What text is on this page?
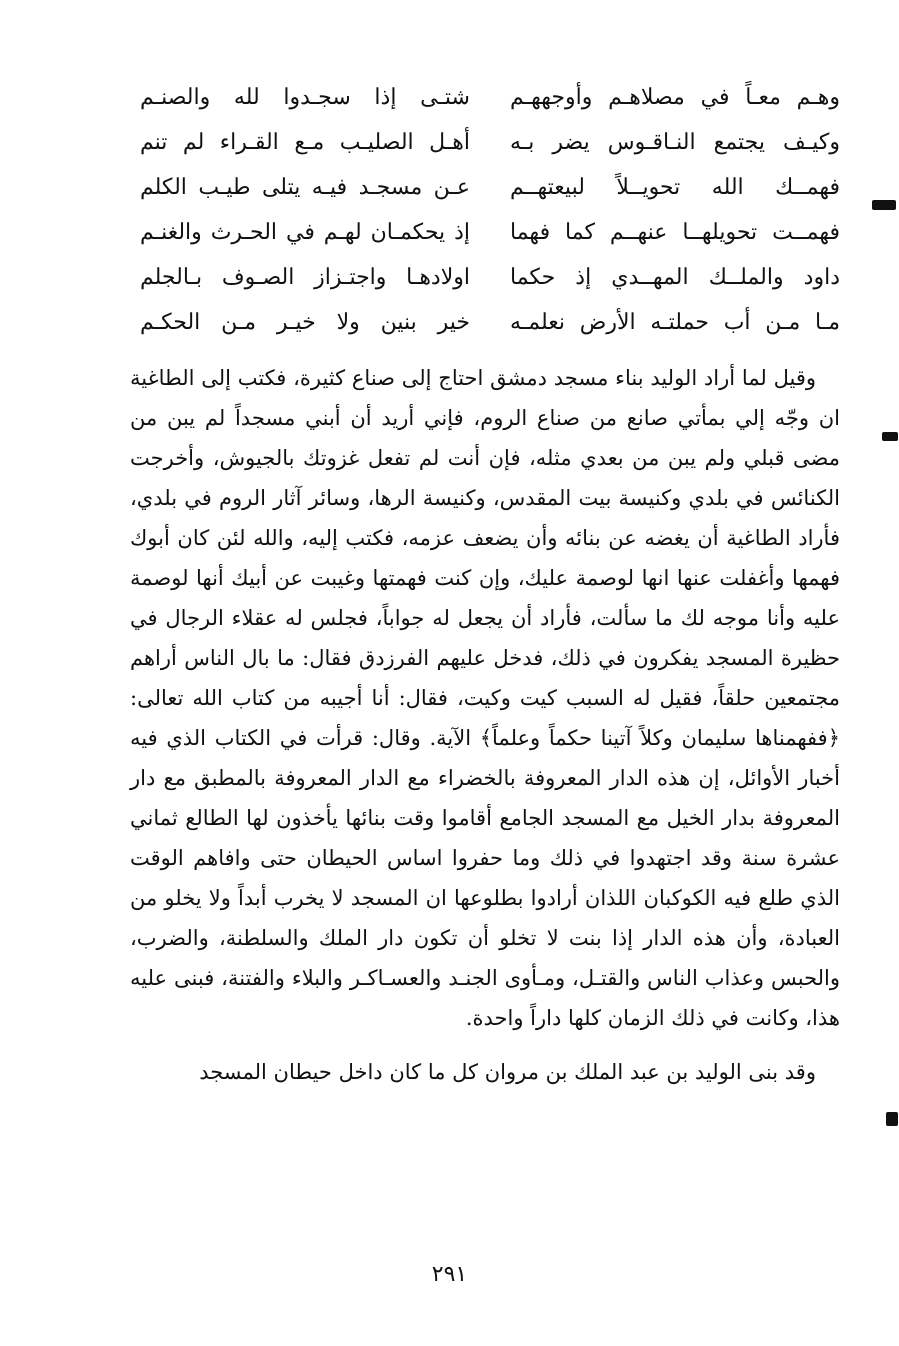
وهـم معـاً في مصلاهـم وأوجههـم
شتـى إذا سجـدوا لله والصنـم
وكيـف يجتمع النـاقـوس يضر بـه
أهـل الصليـب مـع القـراء لم تنم
فهمــك الله تحويــلاً لبيعتهــم
عـن مسجـد فيـه يتلى طيـب الكلم
فهمــت تحويلهــا عنهــم كما فهما
إذ يحكمـان لهـم في الحـرث والغنـم
داود والملــك المهــدي إذ حكما
اولادهـا واجتـزاز الصـوف بـالجلم
مـا مـن أب حملتـه الأرض نعلمـه
خير بنين ولا خيـر مـن الحكـم

وقيل لما أراد الوليد بناء مسجد دمشق احتاج إلى صناع كثيرة، فكتب إلى الطاغية ان وجّه إلي بمأتي صانع من صناع الروم، فإني أريد أن أبني مسجداً لم يبن من مضى قبلي ولم يبن من بعدي مثله، فإن أنت لم تفعل غزوتك بالجيوش، وأخرجت الكنائس في بلدي وكنيسة بيت المقدس، وكنيسة الرها، وسائر آثار الروم في بلدي، فأراد الطاغية أن يغضه عن بنائه وأن يضعف عزمه، فكتب إليه، والله لئن كان أبوك فهمها وأغفلت عنها انها لوصمة عليك، وإن كنت فهمتها وغيبت عن أبيك أنها لوصمة عليه وأنا موجه لك ما سألت، فأراد أن يجعل له جواباً، فجلس له عقلاء الرجال في حظيرة المسجد يفكرون في ذلك، فدخل عليهم الفرزدق فقال: ما بال الناس أراهم مجتمعين حلقاً، فقيل له السبب كيت وكيت، فقال: أنا أجيبه من كتاب الله تعالى: ﴿ففهمناها سليمان وكلاً آتينا حكماً وعلماً﴾ الآية. وقال: قرأت في الكتاب الذي فيه أخبار الأوائل، إن هذه الدار المعروفة بالخضراء مع الدار المعروفة بالمطبق مع دار المعروفة بدار الخيل مع المسجد الجامع أقاموا وقت بنائها يأخذون لها الطالع ثماني عشرة سنة وقد اجتهدوا في ذلك وما حفروا اساس الحيطان حتى وافاهم الوقت الذي طلع فيه الكوكبان اللذان أرادوا بطلوعها ان المسجد لا يخرب أبداً ولا يخلو من العبادة، وأن هذه الدار إذا بنت لا تخلو أن تكون دار الملك والسلطنة، والضرب، والحبس وعذاب الناس والقتـل، ومـأوى الجنـد والعسـاكـر والبلاء والفتنة، فبنى عليه هذا، وكانت في ذلك الزمان كلها داراً واحدة.

وقد بنى الوليد بن عبد الملك بن مروان كل ما كان داخل حيطان المسجد

٢٩١
